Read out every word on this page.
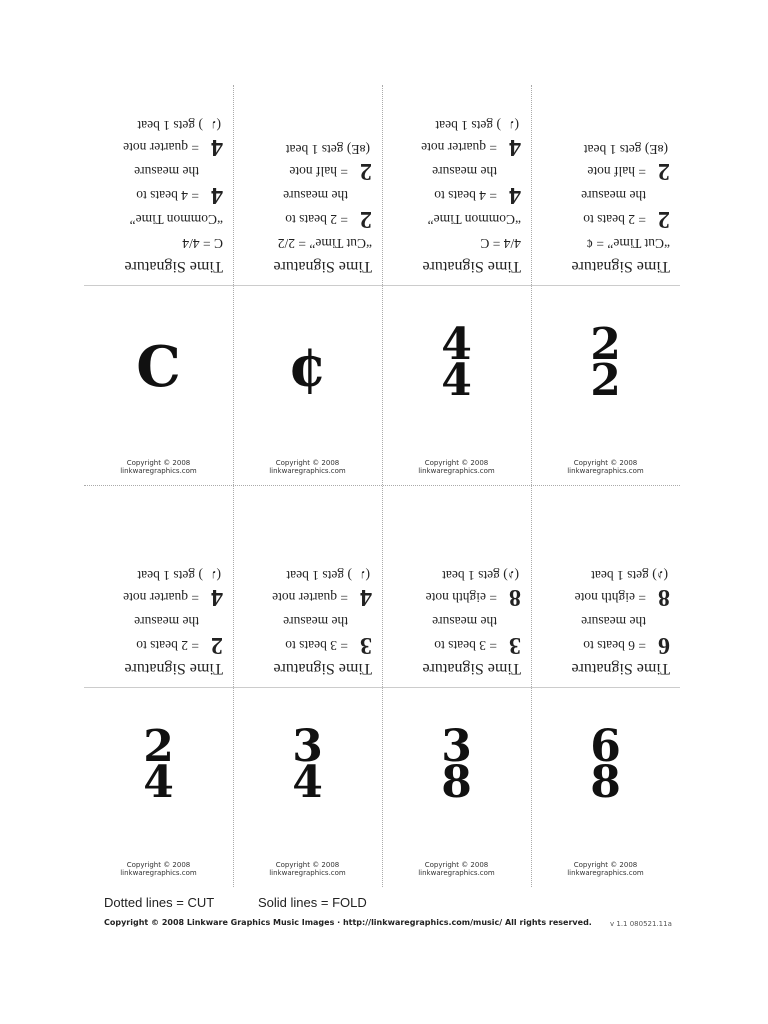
Time Signature
C = 4/4
“Common Time”
4
= 4 beats to
the measure
4
= quarter note
(♩) gets 1 beat
C
Copyright © 2008
linkwaregraphics.com
Time Signature
2
= 2 beats to
the measure
4
= quarter note
(♩) gets 1 beat
2
4
Copyright © 2008
linkwaregraphics.com
Time Signature
“Cut Time” = 2/2
2
= 2 beats to
the measure
2
= half note
(ᴕE) gets 1 beat
¢
Copyright © 2008
linkwaregraphics.com
Time Signature
3
= 3 beats to
the measure
4
= quarter note
(♩) gets 1 beat
3
4
Copyright © 2008
linkwaregraphics.com
Time Signature
4/4 = C
“Common Time”
4
= 4 beats to
the measure
4
= quarter note
(♩) gets 1 beat
4
4
Copyright © 2008
linkwaregraphics.com
Time Signature
3
= 3 beats to
the measure
8
= eighth note
(♪) gets 1 beat
3
8
Copyright © 2008
linkwaregraphics.com
Time Signature
“Cut Time” = ¢
2
= 2 beats to
the measure
2
= half note
(ᴕE) gets 1 beat
2
2
Copyright © 2008
linkwaregraphics.com
Time Signature
6
= 6 beats to
the measure
8
= eighth note
(♪) gets 1 beat
6
8
Copyright © 2008
linkwaregraphics.com
Dotted lines = CUT	Solid lines = FOLD
Copyright © 2008 Linkware Graphics Music Images · http://linkwaregraphics.com/music/ All rights reserved.	v 1.1 080521.11a
